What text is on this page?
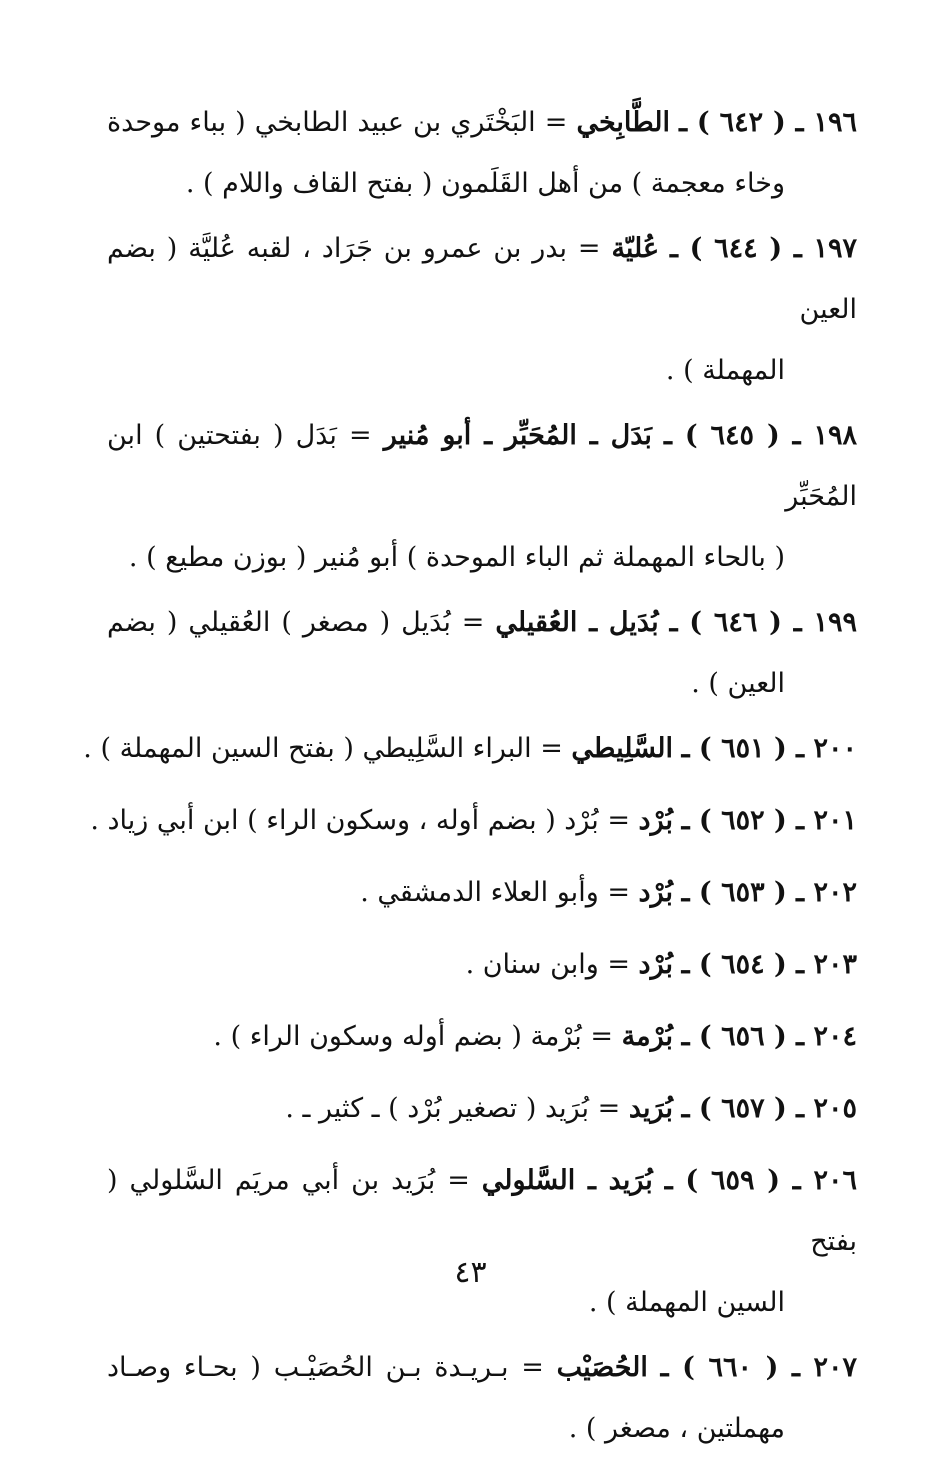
١٩٦ ـ ( ٦٤٢ ) ـ الطَّابِخي = البَخْتَري بن عبيد الطابخي ( بباء موحدة
وخاء معجمة ) من أهل القَلَمون ( بفتح القاف واللام ) .
١٩٧ ـ ( ٦٤٤ ) ـ عُليّة = بدر بن عمرو بن جَرَاد ، لقبه عُليَّة ( بضم العين
المهملة ) .
١٩٨ ـ ( ٦٤٥ ) ـ بَدَل ـ المُحَبِّر ـ أبو مُنير = بَدَل ( بفتحتين ) ابن المُحَبِّر
( بالحاء المهملة ثم الباء الموحدة ) أبو مُنير ( بوزن مطيع ) .
١٩٩ ـ ( ٦٤٦ ) ـ بُدَيل ـ العُقيلي = بُدَيل ( مصغر ) العُقيلي ( بضم
العين ) .
٢٠٠ ـ ( ٦٥١ ) ـ السَّلِيطي = البراء السَّلِيطي ( بفتح السين المهملة ) .
٢٠١ ـ ( ٦٥٢ ) ـ بُرْد = بُرْد ( بضم أوله ، وسكون الراء ) ابن أبي زياد .
٢٠٢ ـ ( ٦٥٣ ) ـ بُرْد = وأبو العلاء الدمشقي .
٢٠٣ ـ ( ٦٥٤ ) ـ بُرْد = وابن سنان .
٢٠٤ ـ ( ٦٥٦ ) ـ بُرْمة = بُرْمة ( بضم أوله وسكون الراء ) .
٢٠٥ ـ ( ٦٥٧ ) ـ بُرَيد = بُرَيد ( تصغير بُرْد ) ـ كثير ـ .
٢٠٦ ـ ( ٦٥٩ ) ـ بُرَيد ـ السَّلولي = بُرَيد بن أبي مريَم السَّلولي ( بفتح
السين المهملة ) .
٢٠٧ ـ ( ٦٦٠ ) ـ الحُصَيْب = بـريـدة بـن الحُصَيْـب ( بحـاء وصـاد
مهملتين ، مصغر ) .
٤٣
